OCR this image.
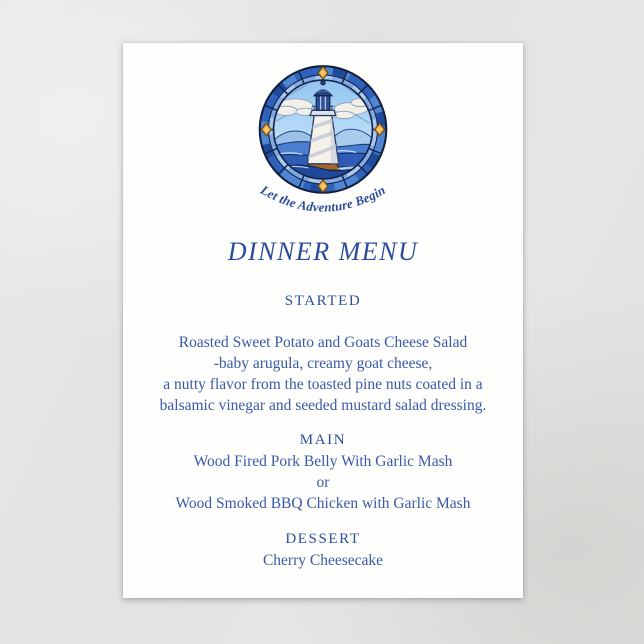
Let the Adventure Begin
DINNER MENU
STARTED
Roasted Sweet Potato and Goats Cheese Salad
-baby arugula, creamy goat cheese,
a nutty flavor from the toasted pine nuts coated in a
balsamic vinegar and seeded mustard salad dressing.
MAIN
Wood Fired Pork Belly With Garlic Mash
or
Wood Smoked BBQ Chicken with Garlic Mash
DESSERT
Cherry Cheesecake
